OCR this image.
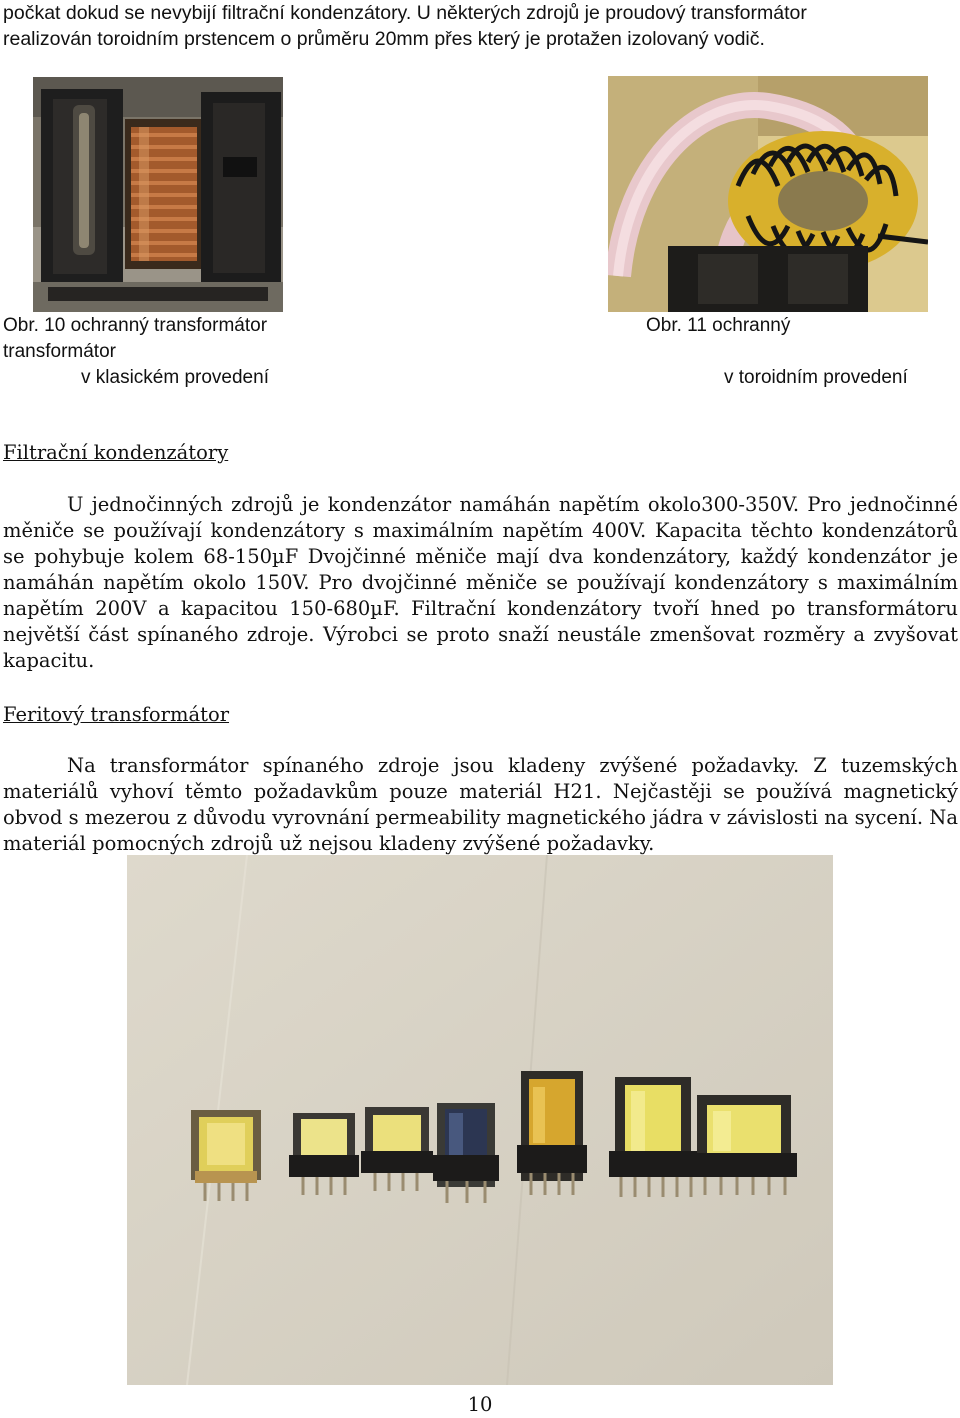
počkat dokud se nevybijí filtrační kondenzátory. U některých zdrojů je proudový transformátor
realizován toroidním prstencem o průměru 20mm přes který je protažen izolovaný vodič.
Obr. 10 ochranný transformátor
transformátor
v klasickém provedení
Obr. 11 ochranný
v toroidním provedení
Filtrační kondenzátory
U jednočinných zdrojů je kondenzátor namáhán napětím okolo300-350V. Pro jednočinné měniče se používají kondenzátory s maximálním napětím 400V. Kapacita těchto kondenzátorů se pohybuje kolem 68-150µF Dvojčinné měniče mají dva kondenzátory, každý kondenzátor je namáhán napětím okolo 150V. Pro dvojčinné měniče se používají kondenzátory s maximálním napětím 200V a kapacitou 150-680µF. Filtrační kondenzátory tvoří hned po transformátoru největší část spínaného zdroje. Výrobci se proto snaží neustále zmenšovat rozměry a zvyšovat kapacitu.
Feritový transformátor
Na transformátor spínaného zdroje jsou kladeny zvýšené požadavky. Z tuzemských materiálů vyhoví těmto požadavkům pouze materiál H21. Nejčastěji se používá magnetický obvod s mezerou z důvodu vyrovnání permeability magnetického jádra v závislosti na sycení. Na materiál pomocných zdrojů už nejsou kladeny zvýšené požadavky.
10
